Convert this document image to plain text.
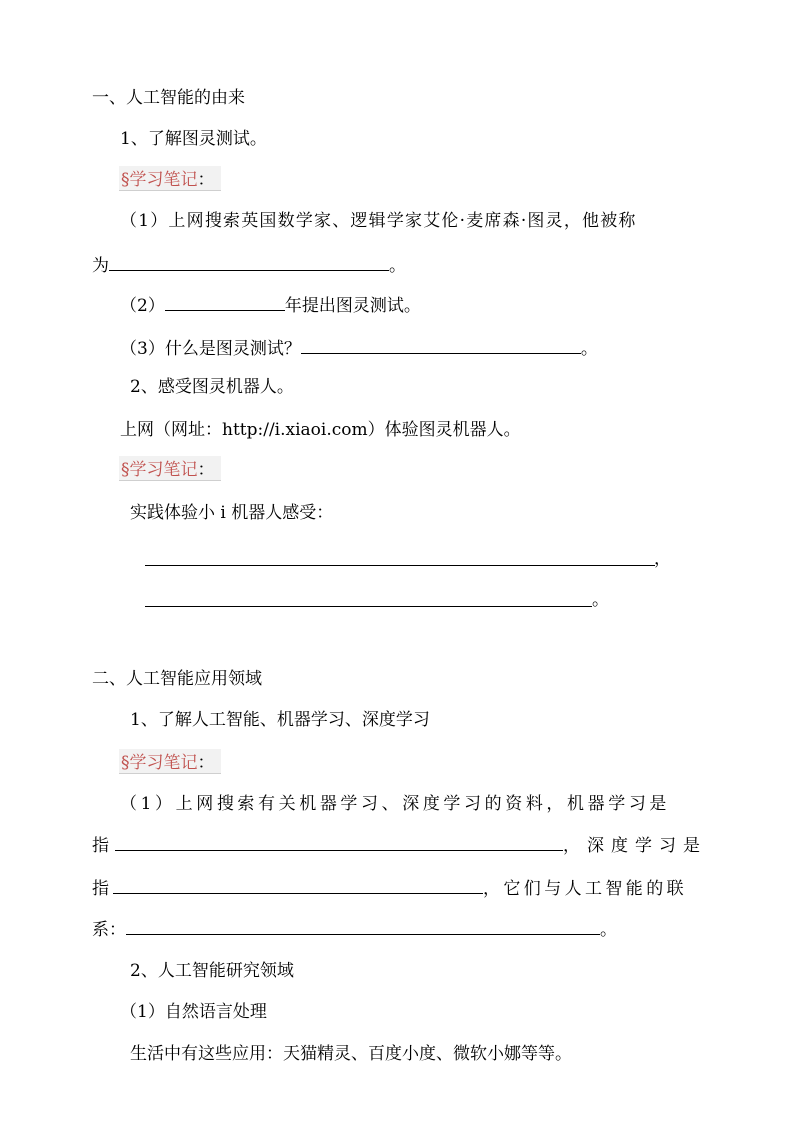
一、人工智能的由来
1、了解图灵测试。
§学习笔记：
（1）上网搜索英国数学家、逻辑学家艾伦·麦席森·图灵，他被称
为	。
（2）	年提出图灵测试。
（3）什么是图灵测试？	。
2、感受图灵机器人。
上网（网址：http://i.xiaoi.com）体验图灵机器人。
§学习笔记：
实践体验小 i 机器人感受：
，
。
二、人工智能应用领域
1、了解人工智能、机器学习、深度学习
§学习笔记：
（1）上网搜索有关机器学习、深度学习的资料，机器学习是
指	，深度学习是
指	，它们与人工智能的联
系：	。
2、人工智能研究领域
（1）自然语言处理
生活中有这些应用：天猫精灵、百度小度、微软小娜等等。
